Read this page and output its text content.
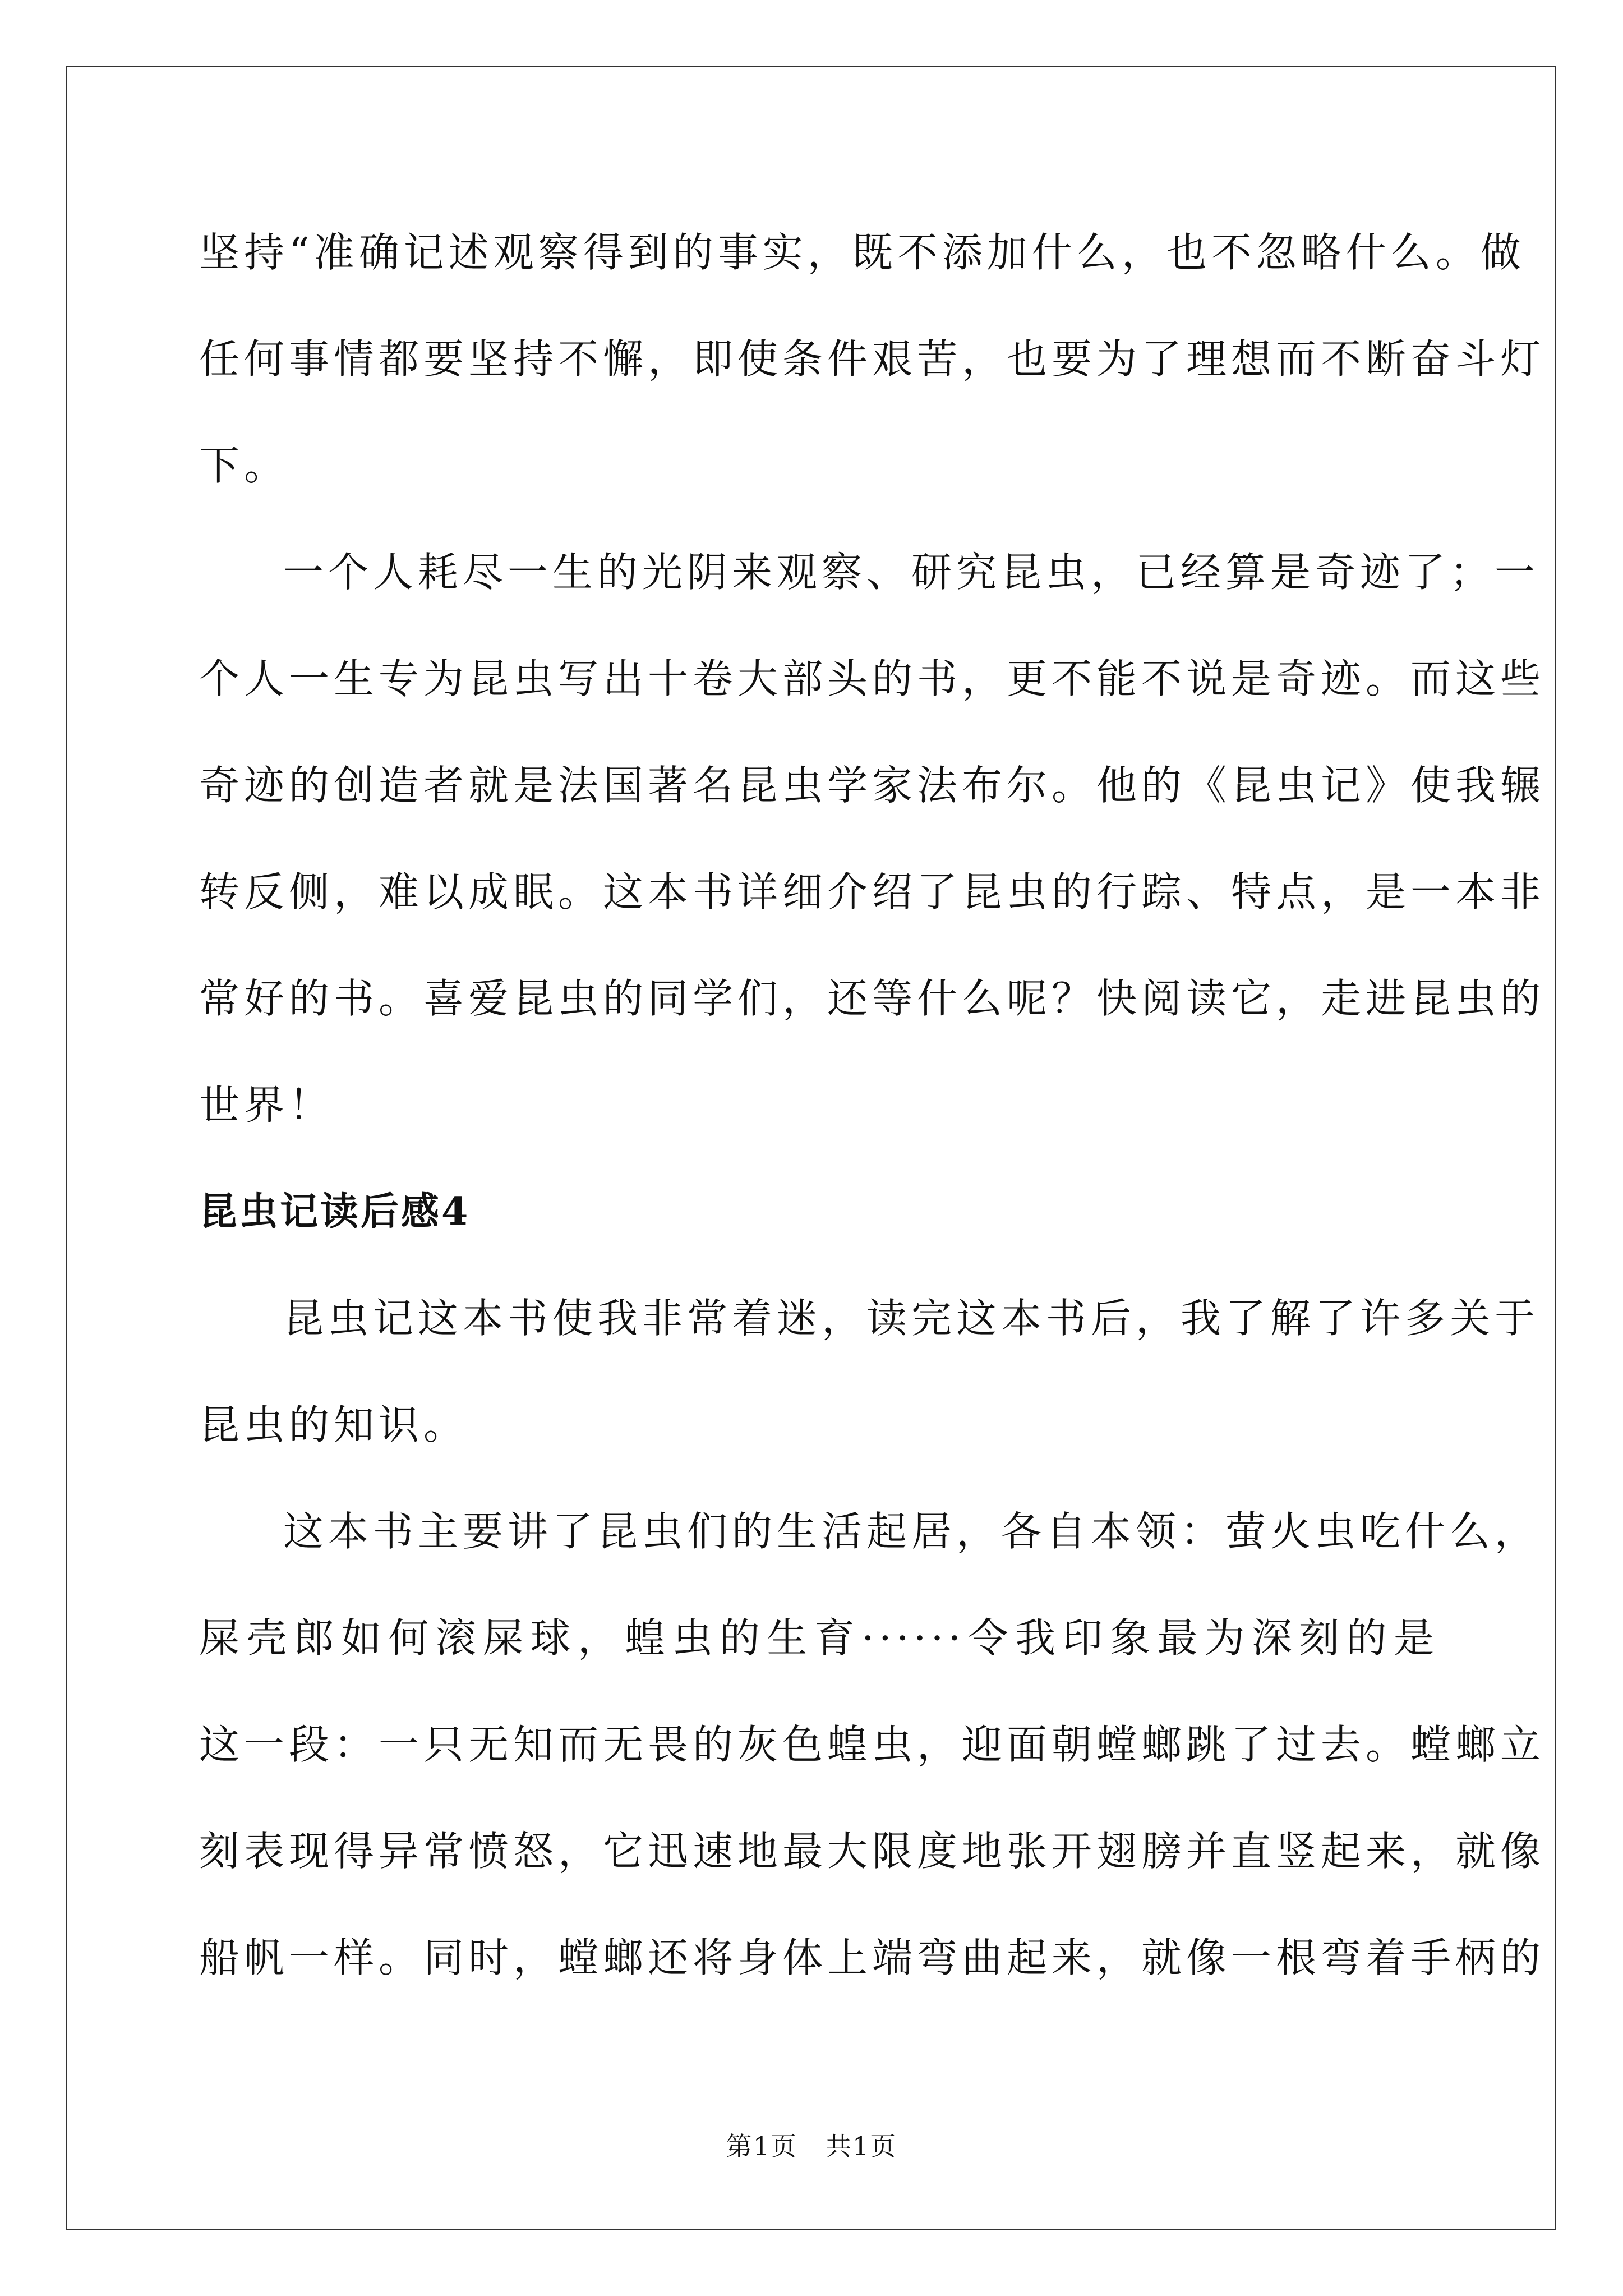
坚持“准确记述观察得到的事实，既不添加什么，也不忽略什么。做
任何事情都要坚持不懈，即使条件艰苦，也要为了理想而不断奋斗灯
下。

一个人耗尽一生的光阴来观察、研究昆虫，已经算是奇迹了；一
个人一生专为昆虫写出十卷大部头的书，更不能不说是奇迹。而这些
奇迹的创造者就是法国著名昆虫学家法布尔。他的《昆虫记》使我辗
转反侧，难以成眠。这本书详细介绍了昆虫的行踪、特点，是一本非
常好的书。喜爱昆虫的同学们，还等什么呢？快阅读它，走进昆虫的
世界！

昆虫记读后感4

昆虫记这本书使我非常着迷，读完这本书后，我了解了许多关于
昆虫的知识。

这本书主要讲了昆虫们的生活起居，各自本领：萤火虫吃什么，
屎壳郎如何滚屎球，蝗虫的生育······令我印象最为深刻的是
这一段：一只无知而无畏的灰色蝗虫，迎面朝螳螂跳了过去。螳螂立
刻表现得异常愤怒，它迅速地最大限度地张开翅膀并直竖起来，就像
船帆一样。同时，螳螂还将身体上端弯曲起来，就像一根弯着手柄的

第1页 共1页
